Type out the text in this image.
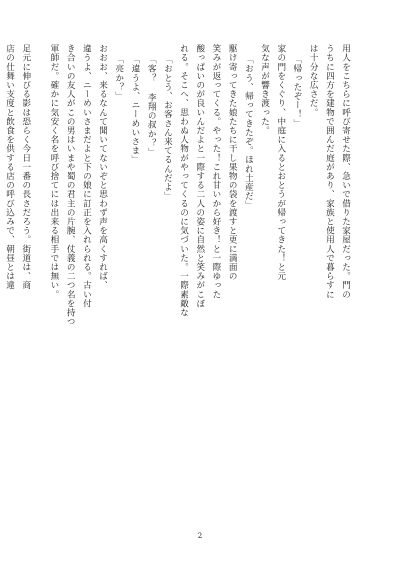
用人をこちらに呼び寄せた際、急いで借りた家屋だった。門の
うちに四方を建物で囲んだ庭があり、家族と使用人で暮らすに
は十分な広さだ。
「帰ったぞー！」
家の門をくぐり、中庭に入るとおとうが帰ってきた！と元
気な声が響き渡った。
「おう、帰ってきたぞ。ほれ土産だ」
駆け寄ってきた娘たちに干し果物の袋を渡すと更に満面の
笑みが返ってくる。やった！これ甘いから好き！と一際ゆった
酸っぱいのが良いんだよと一際する二人の姿に自然と笑みがこぼ
れる。そこへ、思わぬ人物がやってくるのに気づいた。一際素敵な
「おとう、お客さん来てるんだよ」
「客？ 李翔の叔か？」
「違うよ、ニーめいさま」
「亮か？」
おおお、来るなんて聞いてないぞと思わず声を高くすれば、
違うよ、ニーめいさまだよと下の娘に訂正を入れられる。古い付
き合いの友人がこの男はいまや蜀の君主の片腕、仗義の二つ名を持つ
軍師だ。確かに気安く名を呼び捨てには出来る相手では無い。
足元に伸びる影は恐らく今日一番の長さだろう。街道は、商
店の仕舞い支度と飲食を供する店の呼び込みで、朝昼とは違
2
